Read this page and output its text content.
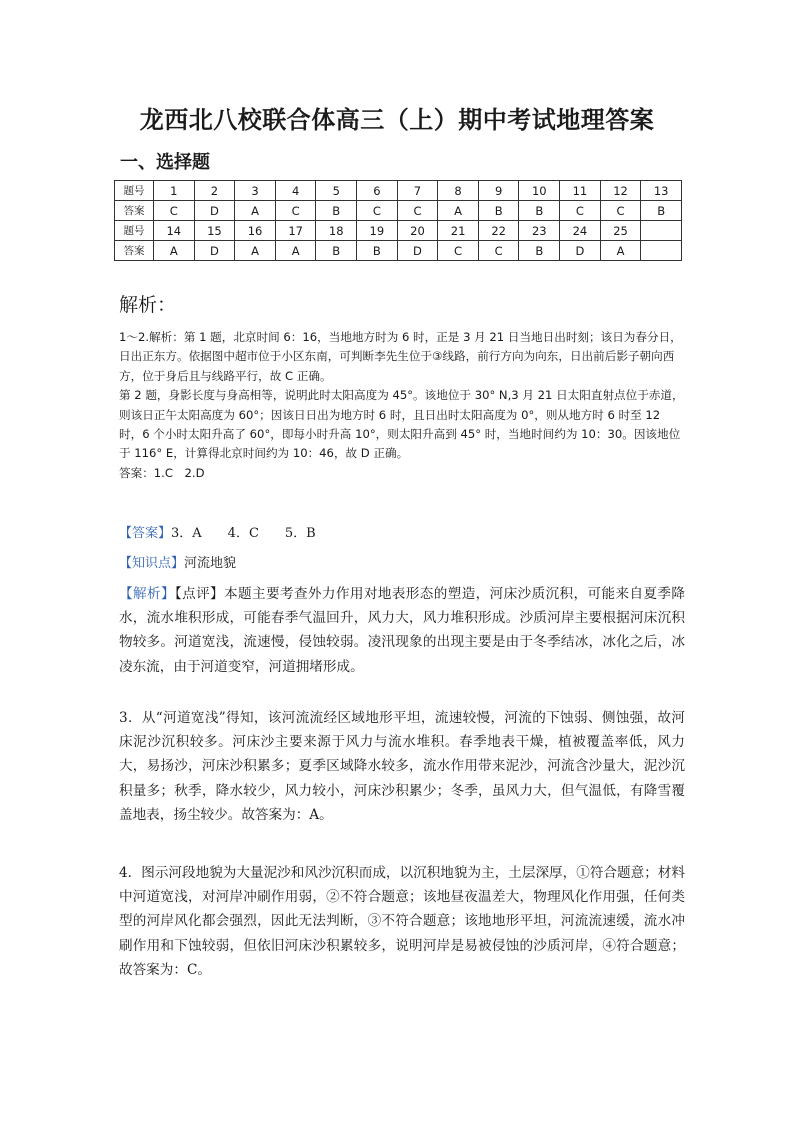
龙西北八校联合体高三（上）期中考试地理答案
一、选择题
题号	1	2	3	4	5	6	7	8	9	10	11	12	13
答案	C	D	A	C	B	C	C	A	B	B	C	C	B
题号	14	15	16	17	18	19	20	21	22	23	24	25	
答案	A	D	A	A	B	B	D	C	C	B	D	A	
解析：

1～2.解析：第 1 题，北京时间 6：16，当地地方时为 6 时，正是 3 月 21 日当地日出时刻；该日为春分日，日出正东方。依据图中超市位于小区东南，可判断李先生位于③线路，前行方向为向东，日出前后影子朝向西方，位于身后且与线路平行，故 C 正确。

第 2 题，身影长度与身高相等，说明此时太阳高度为 45°。该地位于 30° N,3 月 21 日太阳直射点位于赤道，则该日正午太阳高度为 60°；因该日日出为地方时 6 时，且日出时太阳高度为 0°，则从地方时 6 时至 12 时，6 个小时太阳升高了 60°，即每小时升高 10°，则太阳升高到 45° 时，当地时间约为 10：30。因该地位于 116° E，计算得北京时间约为 10：46，故 D 正确。

答案：1.C　2.D

【答案】3．A　　4．C　　5．B
【知识点】河流地貌

【解析】【点评】本题主要考查外力作用对地表形态的塑造，河床沙质沉积，可能来自夏季降水，流水堆积形成，可能春季气温回升，风力大，风力堆积形成。沙质河岸主要根据河床沉积物较多。河道宽浅，流速慢，侵蚀较弱。凌汛现象的出现主要是由于冬季结冰，冰化之后，冰凌东流，由于河道变窄，河道拥堵形成。

3．从“河道宽浅”得知，该河流流经区域地形平坦，流速较慢，河流的下蚀弱、侧蚀强，故河床泥沙沉积较多。河床沙主要来源于风力与流水堆积。春季地表干燥，植被覆盖率低，风力大，易扬沙，河床沙积累多；夏季区域降水较多，流水作用带来泥沙，河流含沙量大，泥沙沉积量多；秋季，降水较少，风力较小，河床沙积累少；冬季，虽风力大，但气温低，有降雪覆盖地表，扬尘较少。故答案为：A。

4．图示河段地貌为大量泥沙和风沙沉积而成，以沉积地貌为主，土层深厚，①符合题意；材料中河道宽浅，对河岸冲刷作用弱，②不符合题意；该地昼夜温差大，物理风化作用强，任何类型的河岸风化都会强烈，因此无法判断，③不符合题意；该地地形平坦，河流流速缓，流水冲刷作用和下蚀较弱，但依旧河床沙积累较多，说明河岸是易被侵蚀的沙质河岸，④符合题意；故答案为：C。
